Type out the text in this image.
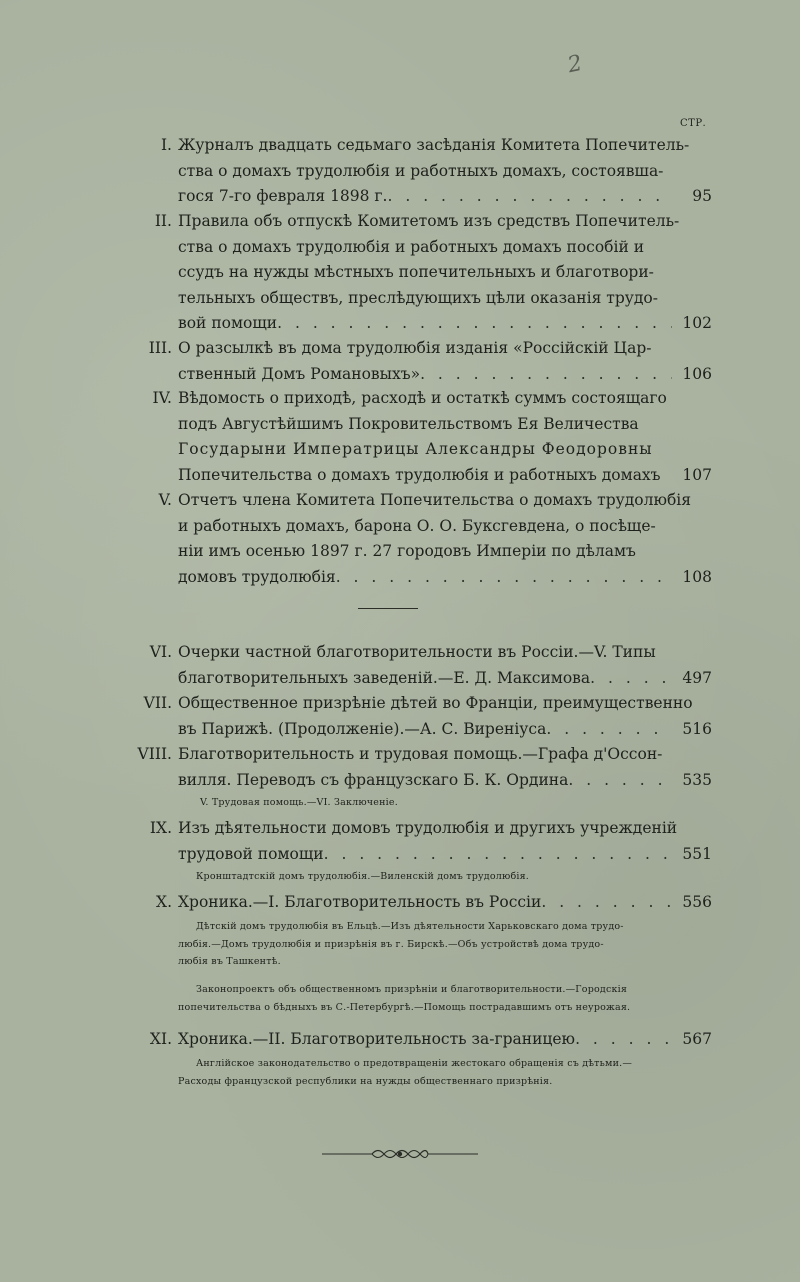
2
СТР.
I. Журналъ двадцать седьмаго засѣданія Комитета Попечитель-
ства о домахъ трудолюбія и работныхъ домахъ, состоявша-
гося 7-го февраля 1898 г. . . .	95
II. Правила объ отпускѣ Комитетомъ изъ средствъ Попечитель-
ства о домахъ трудолюбія и работныхъ домахъ пособій и
ссудъ на нужды мѣстныхъ попечительныхъ и благотвори-
тельныхъ обществъ, преслѣдующихъ цѣли оказанія трудо-
вой помощи . . .	102
III. О разсылкѣ въ дома трудолюбія изданія «Россійскій Цар-
ственный Домъ Романовыхъ» . . .	106
IV. Вѣдомость о приходѣ, расходѣ и остаткѣ суммъ состоящаго
подъ Августѣйшимъ Покровительствомъ Ея Величества
Государыни Императрицы Александры Феодоровны
Попечительства о домахъ трудолюбія и работныхъ домахъ	107
V. Отчетъ члена Комитета Попечительства о домахъ трудолюбія
и работныхъ домахъ, барона О. О. Буксгевдена, о посѣще-
ніи имъ осенью 1897 г. 27 городовъ Имперіи по дѣламъ
домовъ трудолюбія . . .	108
VI. Очерки частной благотворительности въ Россіи.—V. Типы
благотворительныхъ заведеній.—Е. Д. Максимова . . .	497
VII. Общественное призрѣніе дѣтей во Франціи, преимущественно
въ Парижѣ. (Продолженіе).—А. С. Виреніуса . . .	516
VIII. Благотворительность и трудовая помощь.—Графа д'Оссон-
вилля. Переводъ съ французскаго Б. К. Ордина . . .	535
V. Трудовая помощь.—VI. Заключеніе.
IX. Изъ дѣятельности домовъ трудолюбія и другихъ учрежденій
трудовой помощи . . .	551
Кронштадтскій домъ трудолюбія.—Виленскій домъ трудолюбія.
X. Хроника.—I. Благотворительность въ Россіи . . .	556
Дѣтскій домъ трудолюбія въ Ельцѣ.—Изъ дѣятельности Харьковскаго дома трудо-
любія.—Домъ трудолюбія и призрѣнія въ г. Бирскѣ.—Объ устройствѣ дома трудо-
любія въ Ташкентѣ.
Законопроектъ объ общественномъ призрѣніи и благотворительности.—Городскія
попечительства о бѣдныхъ въ С.-Петербургѣ.—Помощь пострадавшимъ отъ неурожая.
XI. Хроника.—II. Благотворительность за-границею . . .	567
Англійское законодательство о предотвращеніи жестокаго обращенія съ дѣтьми.—
Расходы французской республики на нужды общественнаго призрѣнія.
